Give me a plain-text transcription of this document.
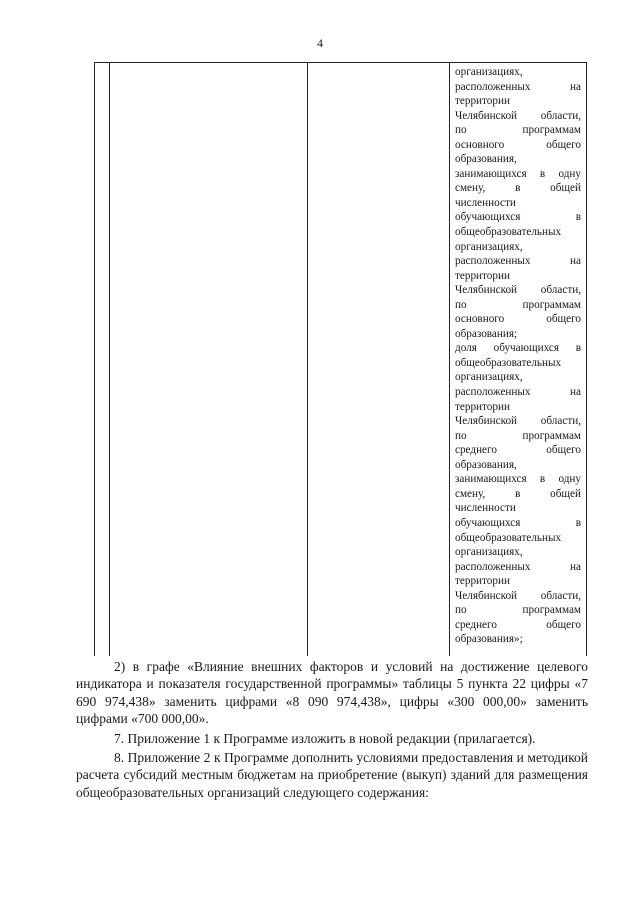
4
организациях,
расположенных	на
территории
Челябинской области,
по	программам
основного	общего
образования,
занимающихся в одну
смену,	в	общей
численности
обучающихся	в
общеобразовательных
организациях,
расположенных	на
территории
Челябинской области,
по	программам
основного	общего
образования;
доля обучающихся в
общеобразовательных
организациях,
расположенных	на
территории
Челябинской области,
по	программам
среднего	общего
образования,
занимающихся в одну
смену,	в	общей
численности
обучающихся	в
общеобразовательных
организациях,
расположенных	на
территории
Челябинской области,
по	программам
среднего	общего
образования»;

2) в графе «Влияние внешних факторов и условий на достижение целевого индикатора и показателя государственной программы» таблицы 5 пункта 22 цифры «7 690 974,438» заменить цифрами «8 090 974,438», цифры «300 000,00» заменить цифрами «700 000,00».

7. Приложение 1 к Программе изложить в новой редакции (прилагается).

8. Приложение 2 к Программе дополнить условиями предоставления и методикой расчета субсидий местным бюджетам на приобретение (выкуп) зданий для размещения общеобразовательных организаций следующего содержания:
